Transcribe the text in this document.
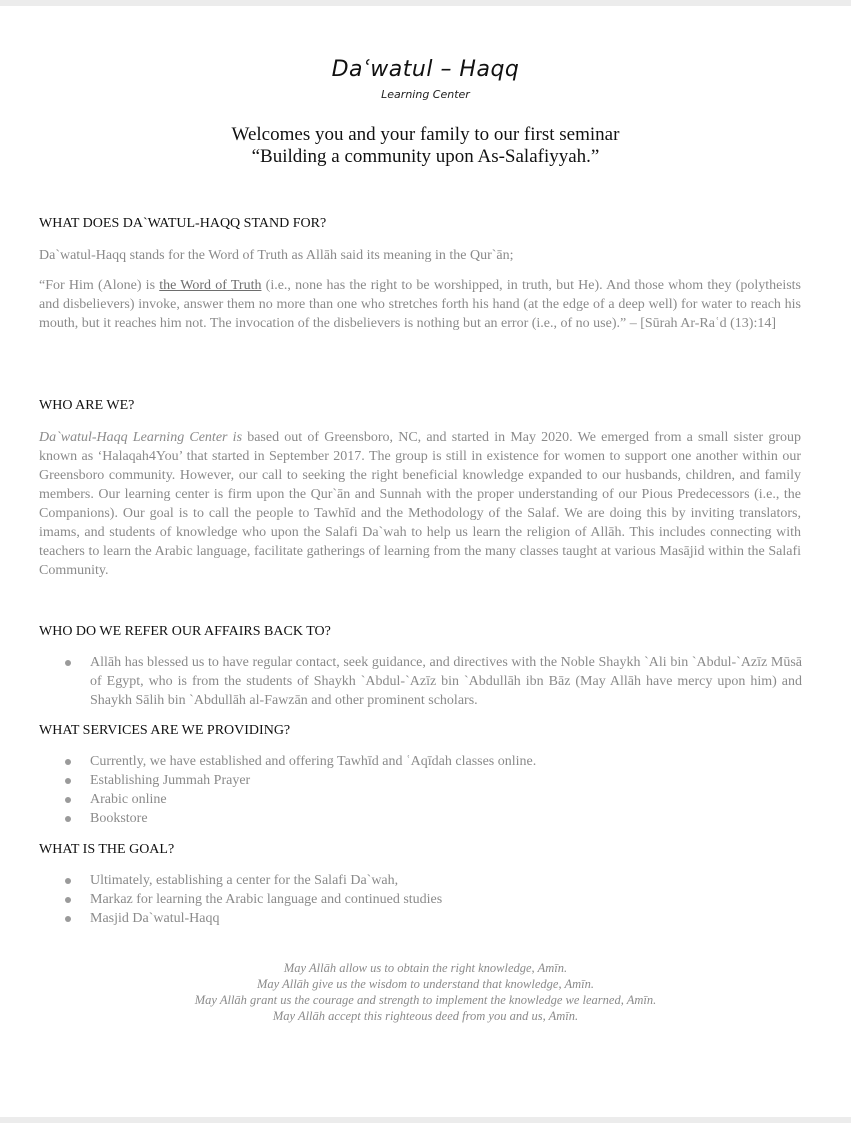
Daʿwatul – Haqq
Learning Center
Welcomes you and your family to our first seminar
“Building a community upon As-Salafiyyah.”
WHAT DOES DA`WATUL-HAQQ STAND FOR?

Da`watul-Haqq stands for the Word of Truth as Allāh said its meaning in the Qur`ān;

“For Him (Alone) is the Word of Truth (i.e., none has the right to be worshipped, in truth, but He). And those whom they (polytheists and disbelievers) invoke, answer them no more than one who stretches forth his hand (at the edge of a deep well) for water to reach his mouth, but it reaches him not. The invocation of the disbelievers is nothing but an error (i.e., of no use).” – [Sūrah Ar-Raʿd (13):14]

WHO ARE WE?

Da`watul-Haqq Learning Center is based out of Greensboro, NC, and started in May 2020. We emerged from a small sister group known as ‘Halaqah4You’ that started in September 2017. The group is still in existence for women to support one another within our Greensboro community. However, our call to seeking the right beneficial knowledge expanded to our husbands, children, and family members. Our learning center is firm upon the Qur`ān and Sunnah with the proper understanding of our Pious Predecessors (i.e., the Companions). Our goal is to call the people to Tawhīd and the Methodology of the Salaf. We are doing this by inviting translators, imams, and students of knowledge who upon the Salafi Da`wah to help us learn the religion of Allāh. This includes connecting with teachers to learn the Arabic language, facilitate gatherings of learning from the many classes taught at various Masājid within the Salafi Community.

WHO DO WE REFER OUR AFFAIRS BACK TO?
Allāh has blessed us to have regular contact, seek guidance, and directives with the Noble Shaykh `Ali bin `Abdul-`Azīz Mūsā of Egypt, who is from the students of Shaykh `Abdul-`Azīz bin `Abdullāh ibn Bāz (May Allāh have mercy upon him) and Shaykh Sālih bin `Abdullāh al-Fawzān and other prominent scholars.
WHAT SERVICES ARE WE PROVIDING?
Currently, we have established and offering Tawhīd and ʿAqīdah classes online.
Establishing Jummah Prayer
Arabic online
Bookstore
WHAT IS THE GOAL?
Ultimately, establishing a center for the Salafi Da`wah,
Markaz for learning the Arabic language and continued studies
Masjid Da`watul-Haqq
May Allāh allow us to obtain the right knowledge, Amīn.
May Allāh give us the wisdom to understand that knowledge, Amīn.
May Allāh grant us the courage and strength to implement the knowledge we learned, Amīn.
May Allāh accept this righteous deed from you and us, Amīn.
